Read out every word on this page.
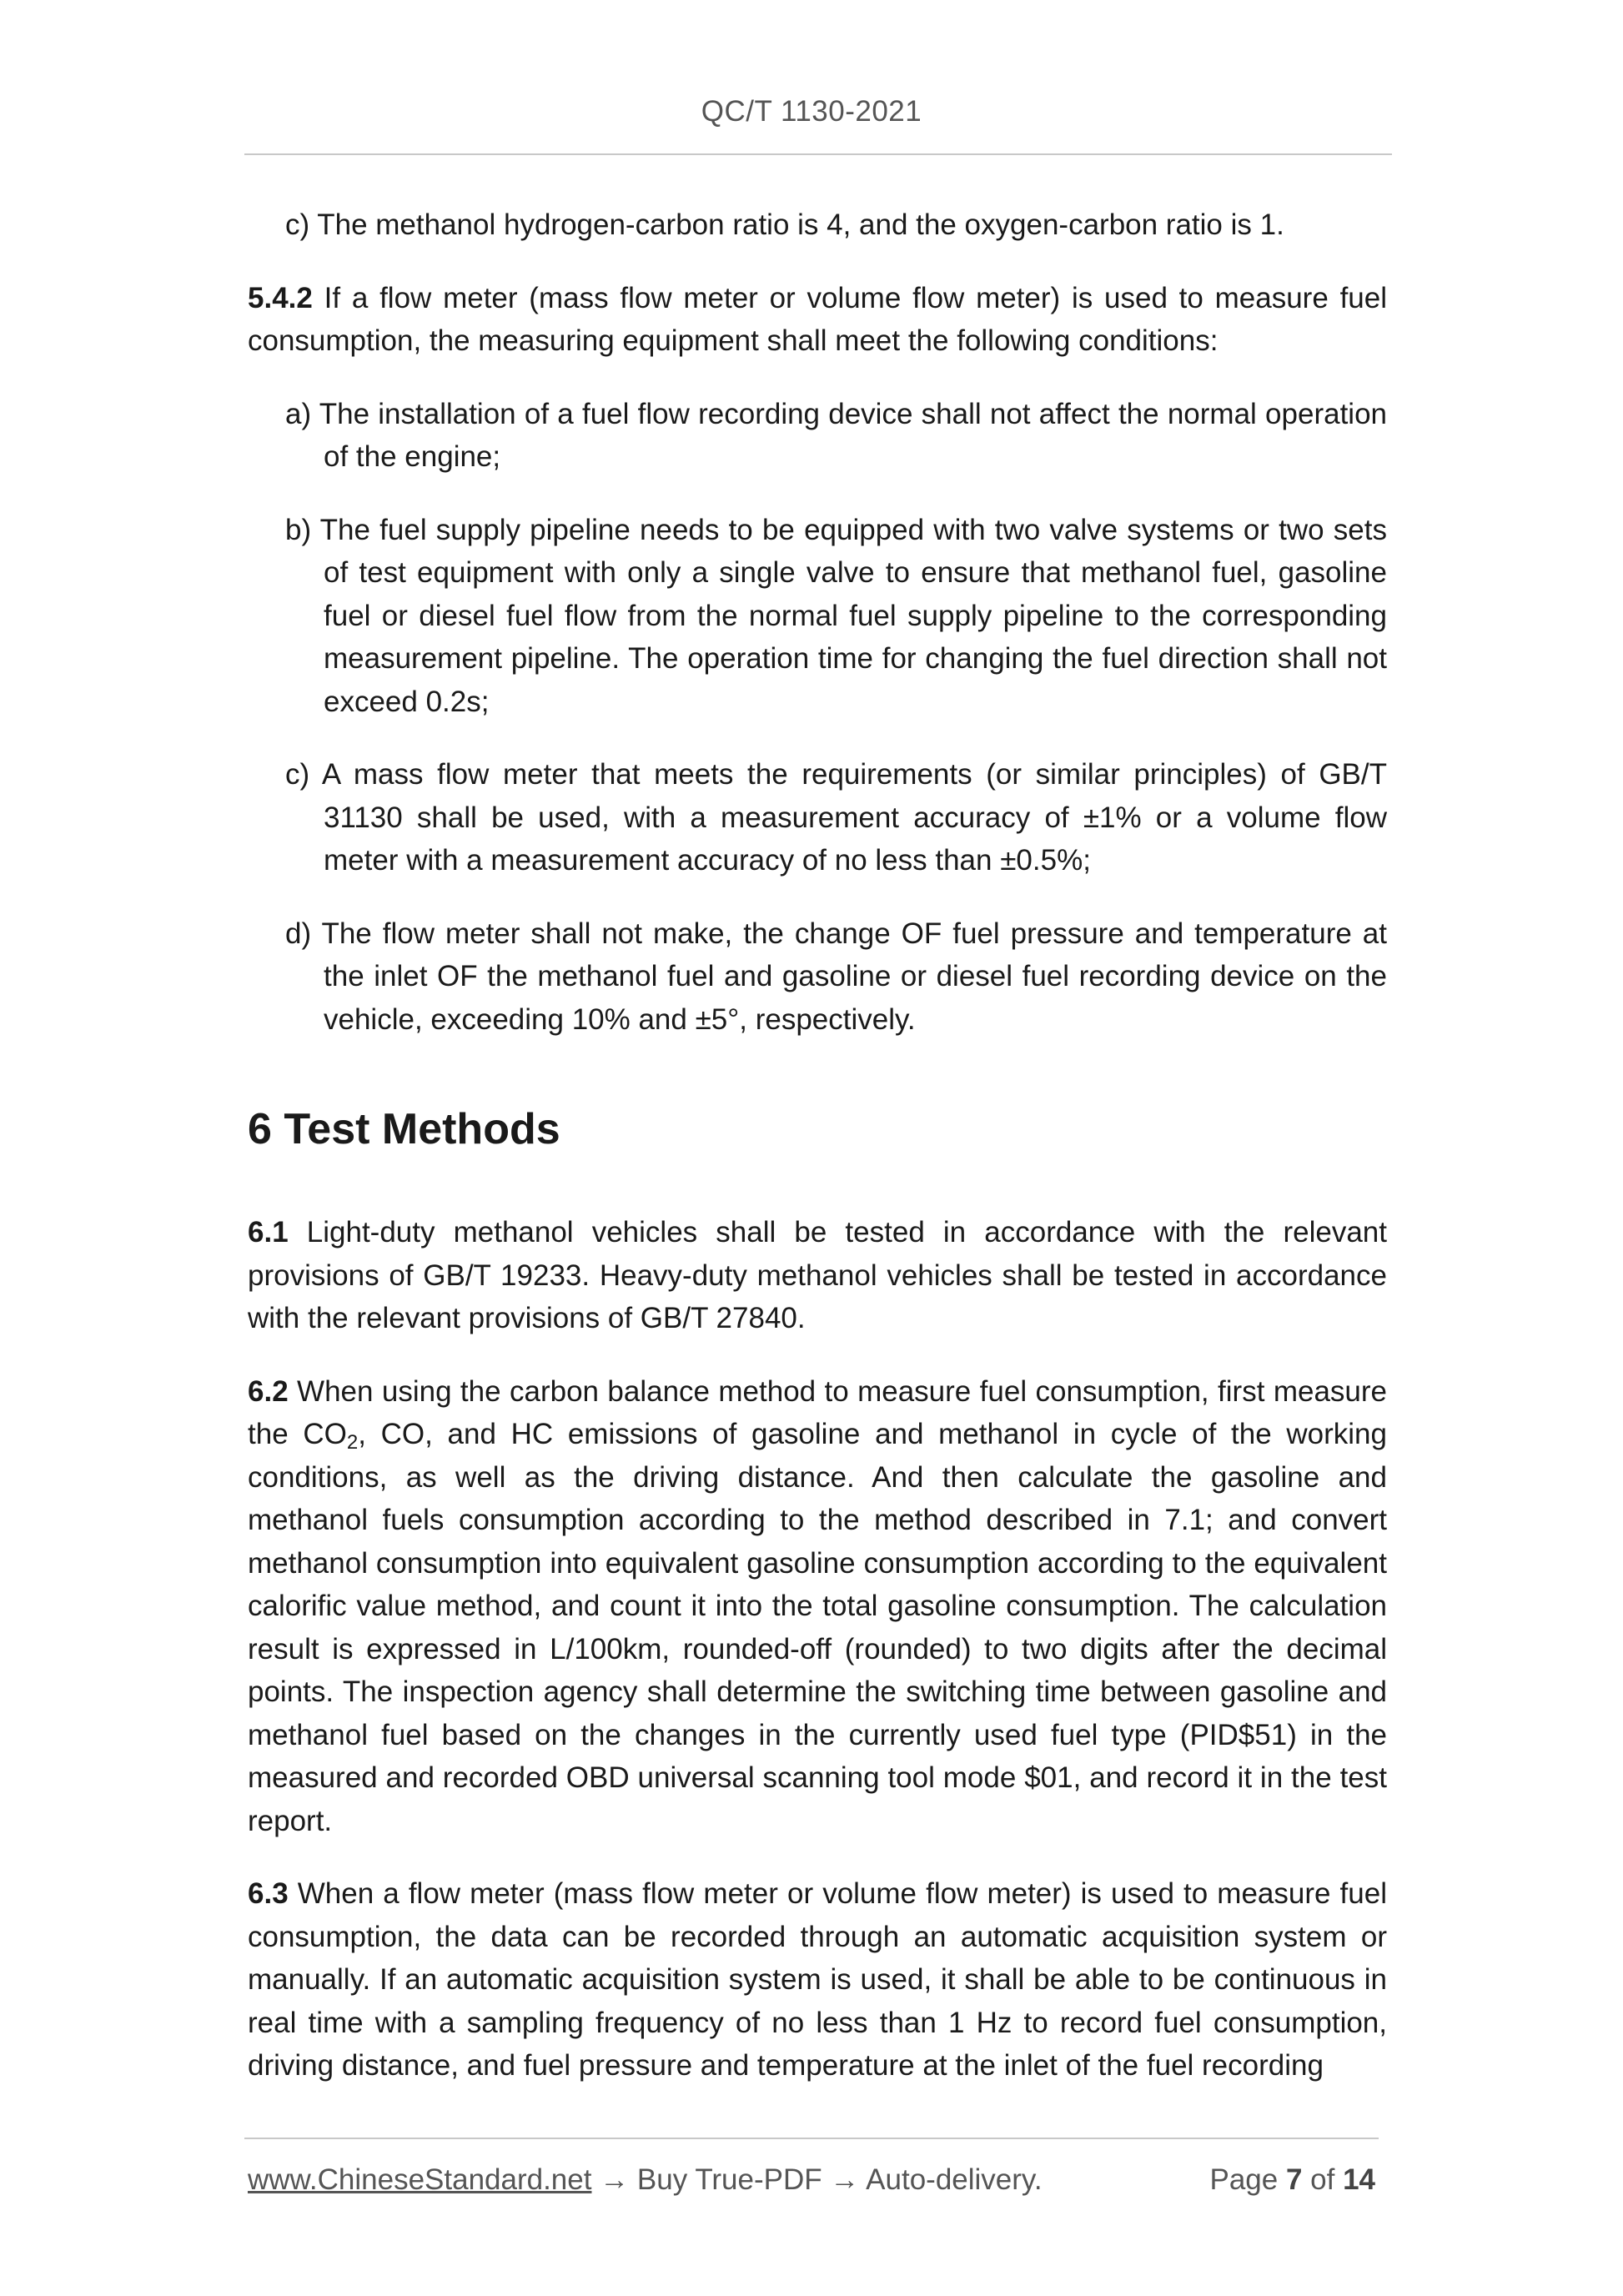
QC/T 1130-2021

c) The methanol hydrogen-carbon ratio is 4, and the oxygen-carbon ratio is 1.

5.4.2 If a flow meter (mass flow meter or volume flow meter) is used to measure fuel consumption, the measuring equipment shall meet the following conditions:

a) The installation of a fuel flow recording device shall not affect the normal operation of the engine;

b) The fuel supply pipeline needs to be equipped with two valve systems or two sets of test equipment with only a single valve to ensure that methanol fuel, gasoline fuel or diesel fuel flow from the normal fuel supply pipeline to the corresponding measurement pipeline. The operation time for changing the fuel direction shall not exceed 0.2s;

c) A mass flow meter that meets the requirements (or similar principles) of GB/T 31130 shall be used, with a measurement accuracy of ±1% or a volume flow meter with a measurement accuracy of no less than ±0.5%;

d) The flow meter shall not make, the change OF fuel pressure and temperature at the inlet OF the methanol fuel and gasoline or diesel fuel recording device on the vehicle, exceeding 10% and ±5°, respectively.

6 Test Methods

6.1 Light-duty methanol vehicles shall be tested in accordance with the relevant provisions of GB/T 19233. Heavy-duty methanol vehicles shall be tested in accordance with the relevant provisions of GB/T 27840.

6.2 When using the carbon balance method to measure fuel consumption, first measure the $CO_2$, CO, and HC emissions of gasoline and methanol in cycle of the working conditions, as well as the driving distance. And then calculate the gasoline and methanol fuels consumption according to the method described in 7.1; and convert methanol consumption into equivalent gasoline consumption according to the equivalent calorific value method, and count it into the total gasoline consumption. The calculation result is expressed in L/100km, rounded-off (rounded) to two digits after the decimal points. The inspection agency shall determine the switching time between gasoline and methanol fuel based on the changes in the currently used fuel type (PID$51) in the measured and recorded OBD universal scanning tool mode $01, and record it in the test report.

6.3 When a flow meter (mass flow meter or volume flow meter) is used to measure fuel consumption, the data can be recorded through an automatic acquisition system or manually. If an automatic acquisition system is used, it shall be able to be continuous in real time with a sampling frequency of no less than 1 Hz to record fuel consumption, driving distance, and fuel pressure and temperature at the inlet of the fuel recording

www.ChineseStandard.net → Buy True-PDF → Auto-delivery.	Page 7 of 14
